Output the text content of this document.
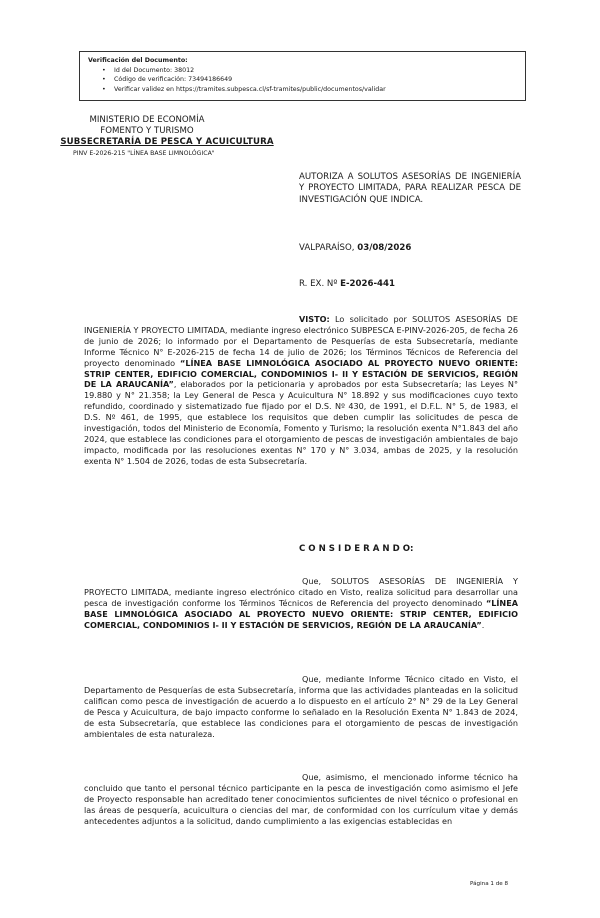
Verificación del Documento:
• Id del Documento: 38012
• Código de verificación: 73494186649
• Verificar validez en https://tramites.subpesca.cl/sf-tramites/public/documentos/validar
MINISTERIO DE ECONOMÍA
FOMENTO Y TURISMO
SUBSECRETARÍA DE PESCA Y ACUICULTURA
PINV E-2026-215 "LÍNEA BASE LIMNOLÓGICA"
AUTORIZA A SOLUTOS ASESORÍAS DE INGENIERÍA Y PROYECTO LIMITADA, PARA REALIZAR PESCA DE INVESTIGACIÓN QUE INDICA.
VALPARAÍSO, 03/08/2026
R. EX. Nº E-2026-441
VISTO: Lo solicitado por SOLUTOS ASESORÍAS DE INGENIERÍA Y PROYECTO LIMITADA, mediante ingreso electrónico SUBPESCA E-PINV-2026-205, de fecha 26 de junio de 2026; lo informado por el Departamento de Pesquerías de esta Subsecretaría, mediante Informe Técnico N° E-2026-215 de fecha 14 de julio de 2026; los Términos Técnicos de Referencia del proyecto denominado “LÍNEA BASE LIMNOLÓGICA ASOCIADO AL PROYECTO NUEVO ORIENTE: STRIP CENTER, EDIFICIO COMERCIAL, CONDOMINIOS I- II Y ESTACIÓN DE SERVICIOS, REGIÓN DE LA ARAUCANÍA”, elaborados por la peticionaria y aprobados por esta Subsecretaría; las Leyes N° 19.880 y N° 21.358; la Ley General de Pesca y Acuicultura N° 18.892 y sus modificaciones cuyo texto refundido, coordinado y sistematizado fue fijado por el D.S. Nº 430, de 1991, el D.F.L. N° 5, de 1983, el D.S. Nº 461, de 1995, que establece los requisitos que deben cumplir las solicitudes de pesca de investigación, todos del Ministerio de Economía, Fomento y Turismo; la resolución exenta N°1.843 del año 2024, que establece las condiciones para el otorgamiento de pescas de investigación ambientales de bajo impacto, modificada por las resoluciones exentas N° 170 y N° 3.034, ambas de 2025, y la resolución exenta N° 1.504 de 2026, todas de esta Subsecretaría.
C O N S I D E R A N D O:
Que, SOLUTOS ASESORÍAS DE INGENIERÍA Y PROYECTO LIMITADA, mediante ingreso electrónico citado en Visto, realiza solicitud para desarrollar una pesca de investigación conforme los Términos Técnicos de Referencia del proyecto denominado “LÍNEA BASE LIMNOLÓGICA ASOCIADO AL PROYECTO NUEVO ORIENTE: STRIP CENTER, EDIFICIO COMERCIAL, CONDOMINIOS I- II Y ESTACIÓN DE SERVICIOS, REGIÓN DE LA ARAUCANÍA”.
Que, mediante Informe Técnico citado en Visto, el Departamento de Pesquerías de esta Subsecretaría, informa que las actividades planteadas en la solicitud califican como pesca de investigación de acuerdo a lo dispuesto en el artículo 2° N° 29 de la Ley General de Pesca y Acuicultura, de bajo impacto conforme lo señalado en la Resolución Exenta N° 1.843 de 2024, de esta Subsecretaría, que establece las condiciones para el otorgamiento de pescas de investigación ambientales de esta naturaleza.
Que, asimismo, el mencionado informe técnico ha concluido que tanto el personal técnico participante en la pesca de investigación como asimismo el Jefe de Proyecto responsable han acreditado tener conocimientos suficientes de nivel técnico o profesional en las áreas de pesquería, acuicultura o ciencias del mar, de conformidad con los currículum vitae y demás antecedentes adjuntos a la solicitud, dando cumplimiento a las exigencias establecidas en
Página 1 de 8
